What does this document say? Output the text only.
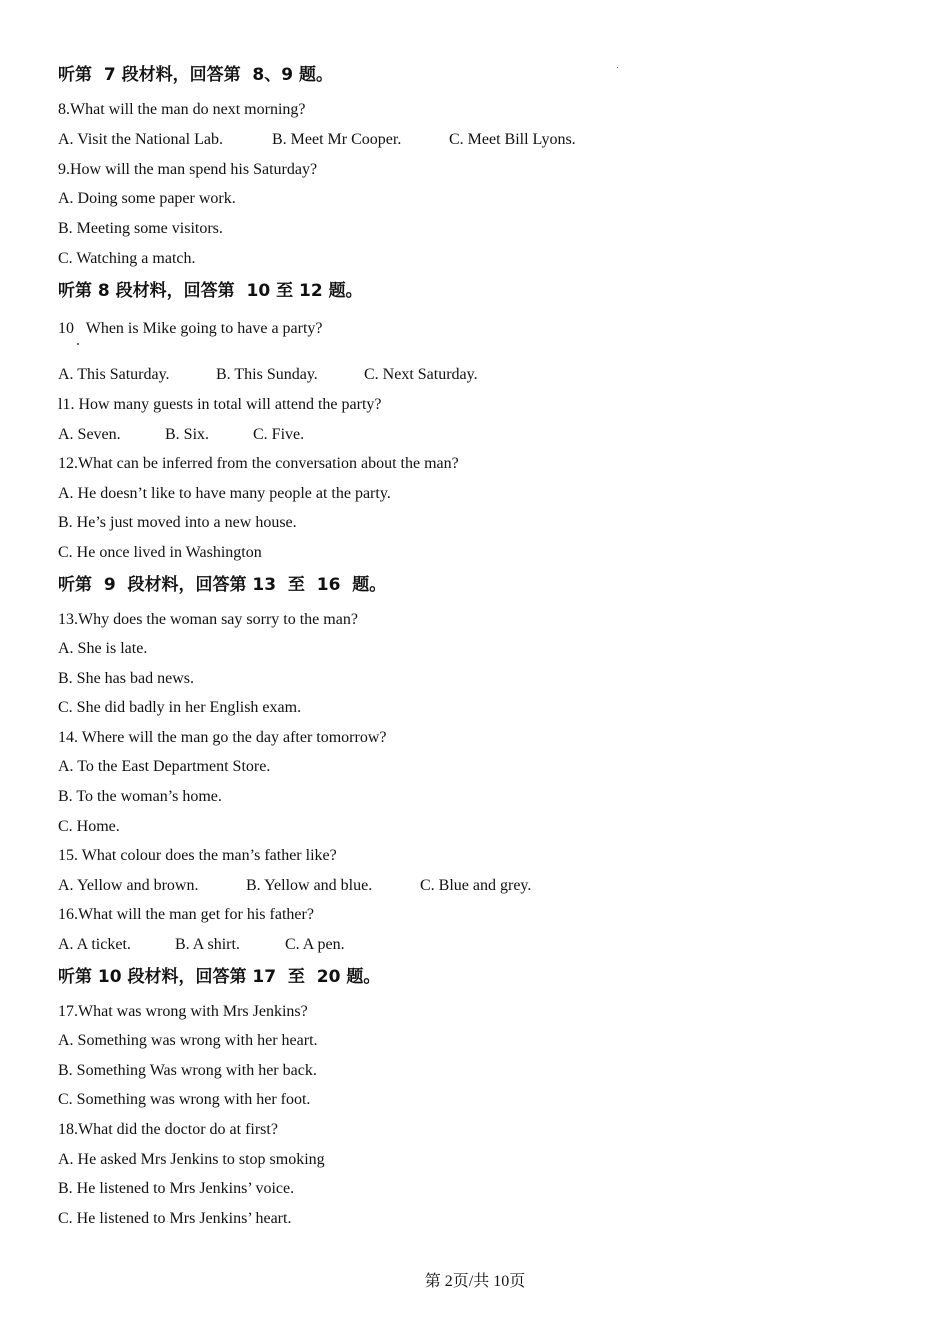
听第  7 段材料，回答第  8、9 题。
8.What will the man do next morning?

A. Visit the National Lab.

	B. Meet Mr Cooper.

	C. Meet Bill Lyons.

9.How will the man spend his Saturday?
A. Doing some paper work.
B. Meeting some visitors.
C. Watching a match.
听第 8 段材料，回答第  10 至 12 题。
10   When is Mike going to have a party?

A. This Saturday.

	B. This Sunday.

	C. Next Saturday.

l1. How many guests in total will attend the party?

A. Seven.

	B. Six.

	C. Five.

12.What can be inferred from the conversation about the man?
A. He doesn’t like to have many people at the party.
B. He’s just moved into a new house.
C. He once lived in Washington
听第  9  段材料，回答第 13  至  16  题。
13.Why does the woman say sorry to the man?
A. She is late.
B. She has bad news.
C. She did badly in her English exam.
14. Where will the man go the day after tomorrow?
A. To the East Department Store.
B. To the woman’s home.
C. Home.
15. What colour does the man’s father like?

A. Yellow and brown.

	B. Yellow and blue.

	C. Blue and grey.

16.What will the man get for his father?

A. A ticket.

	B. A shirt.

	C. A pen.

听第 10 段材料，回答第 17  至  20 题。
17.What was wrong with Mrs Jenkins?
A. Something was wrong with her heart.
B. Something Was wrong with her back.
C. Something was wrong with her foot.
18.What did the doctor do at first?
A. He asked Mrs Jenkins to stop smoking
B. He listened to Mrs Jenkins’ voice.
C. He listened to Mrs Jenkins’ heart.
第 2页/共 10页
